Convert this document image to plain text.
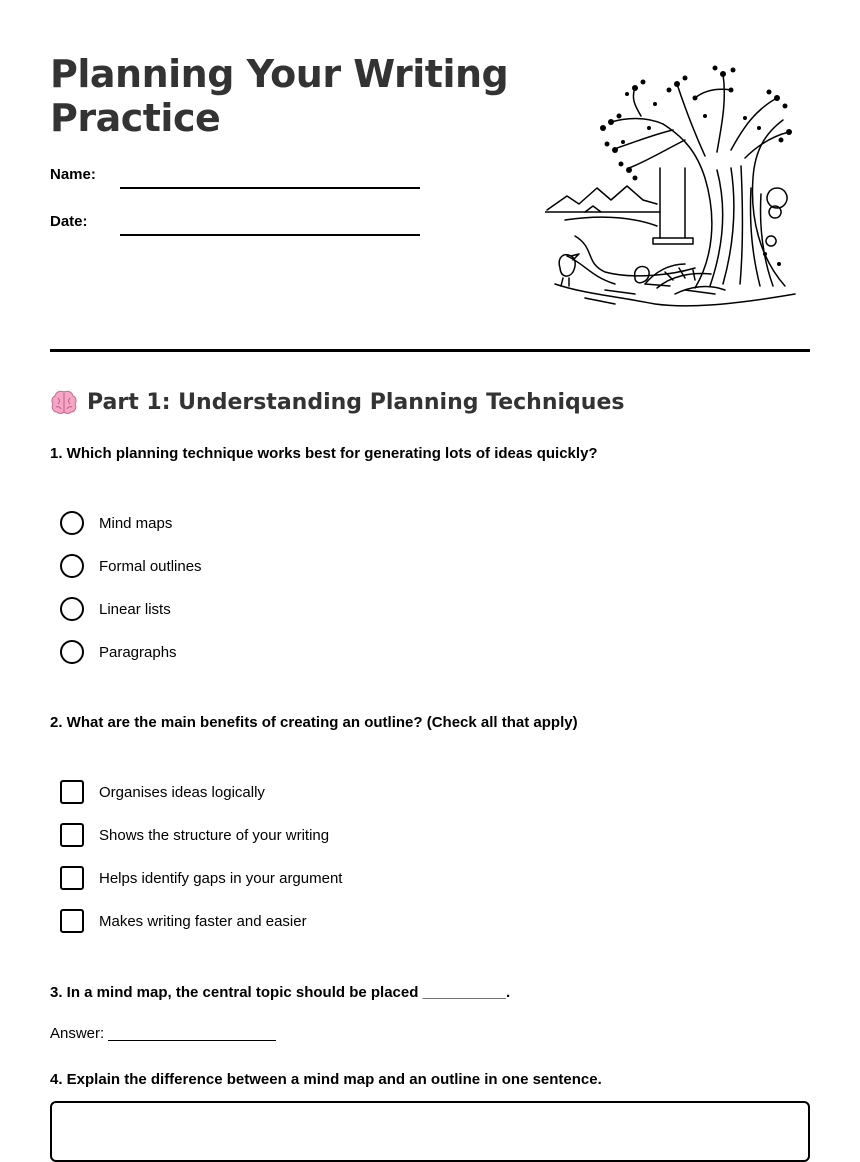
Planning Your Writing Practice
Name:
Date:
Part 1: Understanding Planning Techniques
1. Which planning technique works best for generating lots of ideas quickly?
Mind maps
Formal outlines
Linear lists
Paragraphs
2. What are the main benefits of creating an outline? (Check all that apply)
Organises ideas logically
Shows the structure of your writing
Helps identify gaps in your argument
Makes writing faster and easier
3. In a mind map, the central topic should be placed __________.
Answer:
4. Explain the difference between a mind map and an outline in one sentence.
